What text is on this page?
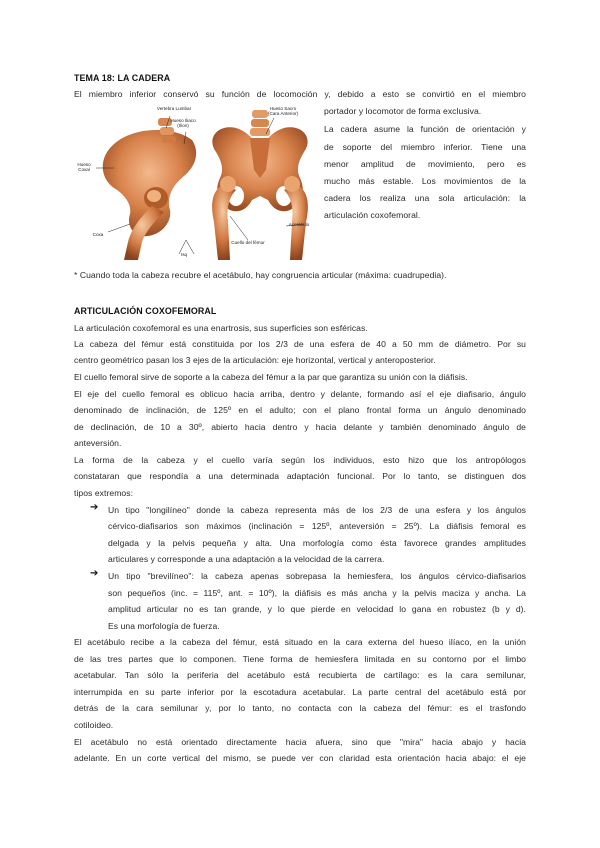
TEMA 18: LA CADERA
El miembro inferior conservó su función de locomoción y, debido a esto se convirtió en el miembro
Vertebra Lumbar
Hueso Iliaco (Ilion)
Hueso Sacro (Cara Anterior)
Hueso Coxal
Coxa
Cuello del fémur
Acetábulo
Isq
portador y locomotor de forma exclusiva.
La cadera asume la función de orientación y
de soporte del miembro inferior. Tiene una
menor amplitud de movimiento, pero es
mucho más estable. Los movimientos de la
cadera los realiza una sola articulación: la
articulación coxofemoral.
* Cuando toda la cabeza recubre el acetábulo, hay congruencia articular (máxima: cuadrupedia).
ARTICULACIÓN COXOFEMORAL
La articulación coxofemoral es una enartrosis, sus superficies son esféricas.
La cabeza del fémur está constituida por los 2/3 de una esfera de 40 a 50 mm de diámetro. Por su
centro geométrico pasan los 3 ejes de la articulación: eje horizontal, vertical y anteroposterior.
El cuello femoral sirve de soporte a la cabeza del fémur a la par que garantiza su unión con la diáfisis.
El eje del cuello femoral es oblicuo hacia arriba, dentro y delante, formando así el eje diafisario, ángulo
denominado de inclinación, de 125º en el adulto; con el plano frontal forma un ángulo denominado
de declinación, de 10 a 30º, abierto hacia dentro y hacia delante y también denominado ángulo de
anteversión.
La forma de la cabeza y el cuello varía según los individuos, esto hizo que los antropólogos
constataran que respondía a una determinada adaptación funcional. Por lo tanto, se distinguen dos
tipos extremos:
➔ Un tipo "longilíneo" donde la cabeza representa más de los 2/3 de una esfera y los ángulos
cérvico-diafisarios son máximos (inclinación = 125º, anteversión = 25º). La diáfisis femoral es
delgada y la pelvis pequeña y alta. Una morfología como ésta favorece grandes amplitudes
articulares y corresponde a una adaptación a la velocidad de la carrera.
➔ Un tipo "brevilíneo": la cabeza apenas sobrepasa la hemiesfera, los ángulos cérvico-diafisarios
son pequeños (inc. = 115º, ant. = 10º), la diáfisis es más ancha y la pelvis maciza y ancha. La
amplitud articular no es tan grande, y lo que pierde en velocidad lo gana en robustez (b y d).
Es una morfología de fuerza.
El acetábulo recibe a la cabeza del fémur, está situado en la cara externa del hueso ilíaco, en la unión
de las tres partes que lo componen. Tiene forma de hemiesfera limitada en su contorno por el limbo
acetabular. Tan sólo la periferia del acetábulo está recubierta de cartílago: es la cara semilunar,
interrumpida en su parte inferior por la escotadura acetabular. La parte central del acetábulo está por
detrás de la cara semilunar y, por lo tanto, no contacta con la cabeza del fémur: es el trasfondo
cotiloideo.
El acetábulo no está orientado directamente hacia afuera, sino que "mira" hacia abajo y hacia
adelante. En un corte vertical del mismo, se puede ver con claridad esta orientación hacia abajo: el eje
